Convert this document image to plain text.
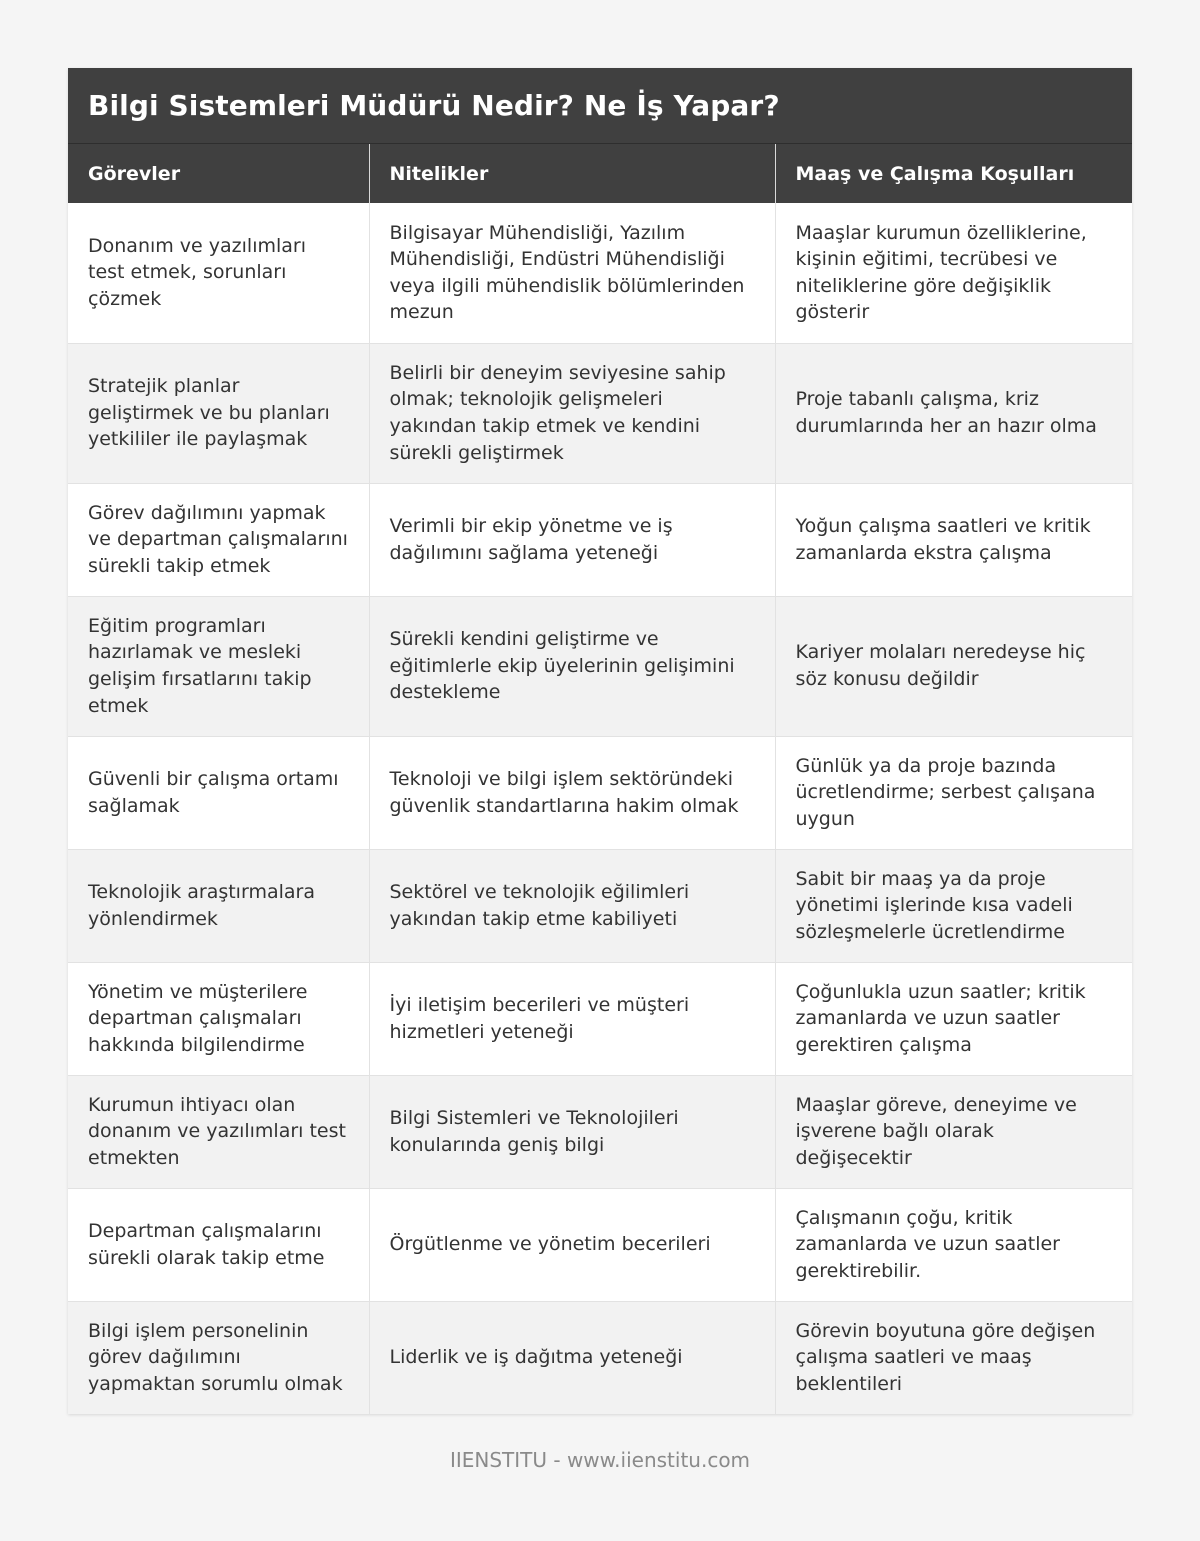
Bilgi Sistemleri Müdürü Nedir? Ne İş Yapar?
Görevler	Nitelikler	Maaş ve Çalışma Koşulları
Donanım ve yazılımları test etmek, sorunları çözmek	Bilgisayar Mühendisliği, Yazılım Mühendisliği, Endüstri Mühendisliği veya ilgili mühendislik bölümlerinden mezun	Maaşlar kurumun özelliklerine, kişinin eğitimi, tecrübesi ve niteliklerine göre değişiklik gösterir
Stratejik planlar geliştirmek ve bu planları yetkililer ile paylaşmak	Belirli bir deneyim seviyesine sahip olmak; teknolojik gelişmeleri yakından takip etmek ve kendini sürekli geliştirmek	Proje tabanlı çalışma, kriz durumlarında her an hazır olma
Görev dağılımını yapmak ve departman çalışmalarını sürekli takip etmek	Verimli bir ekip yönetme ve iş dağılımını sağlama yeteneği	Yoğun çalışma saatleri ve kritik zamanlarda ekstra çalışma
Eğitim programları hazırlamak ve mesleki gelişim fırsatlarını takip etmek	Sürekli kendini geliştirme ve eğitimlerle ekip üyelerinin gelişimini destekleme	Kariyer molaları neredeyse hiç söz konusu değildir
Güvenli bir çalışma ortamı sağlamak	Teknoloji ve bilgi işlem sektöründeki güvenlik standartlarına hakim olmak	Günlük ya da proje bazında ücretlendirme; serbest çalışana uygun
Teknolojik araştırmalara yönlendirmek	Sektörel ve teknolojik eğilimleri yakından takip etme kabiliyeti	Sabit bir maaş ya da proje yönetimi işlerinde kısa vadeli sözleşmelerle ücretlendirme
Yönetim ve müşterilere departman çalışmaları hakkında bilgilendirme	İyi iletişim becerileri ve müşteri hizmetleri yeteneği	Çoğunlukla uzun saatler; kritik zamanlarda ve uzun saatler gerektiren çalışma
Kurumun ihtiyacı olan donanım ve yazılımları test etmekten	Bilgi Sistemleri ve Teknolojileri konularında geniş bilgi	Maaşlar göreve, deneyime ve işverene bağlı olarak değişecektir
Departman çalışmalarını sürekli olarak takip etme	Örgütlenme ve yönetim becerileri	Çalışmanın çoğu, kritik zamanlarda ve uzun saatler gerektirebilir.
Bilgi işlem personelinin görev dağılımını yapmaktan sorumlu olmak	Liderlik ve iş dağıtma yeteneği	Görevin boyutuna göre değişen çalışma saatleri ve maaş beklentileri
IIENSTITU - www.iienstitu.com
